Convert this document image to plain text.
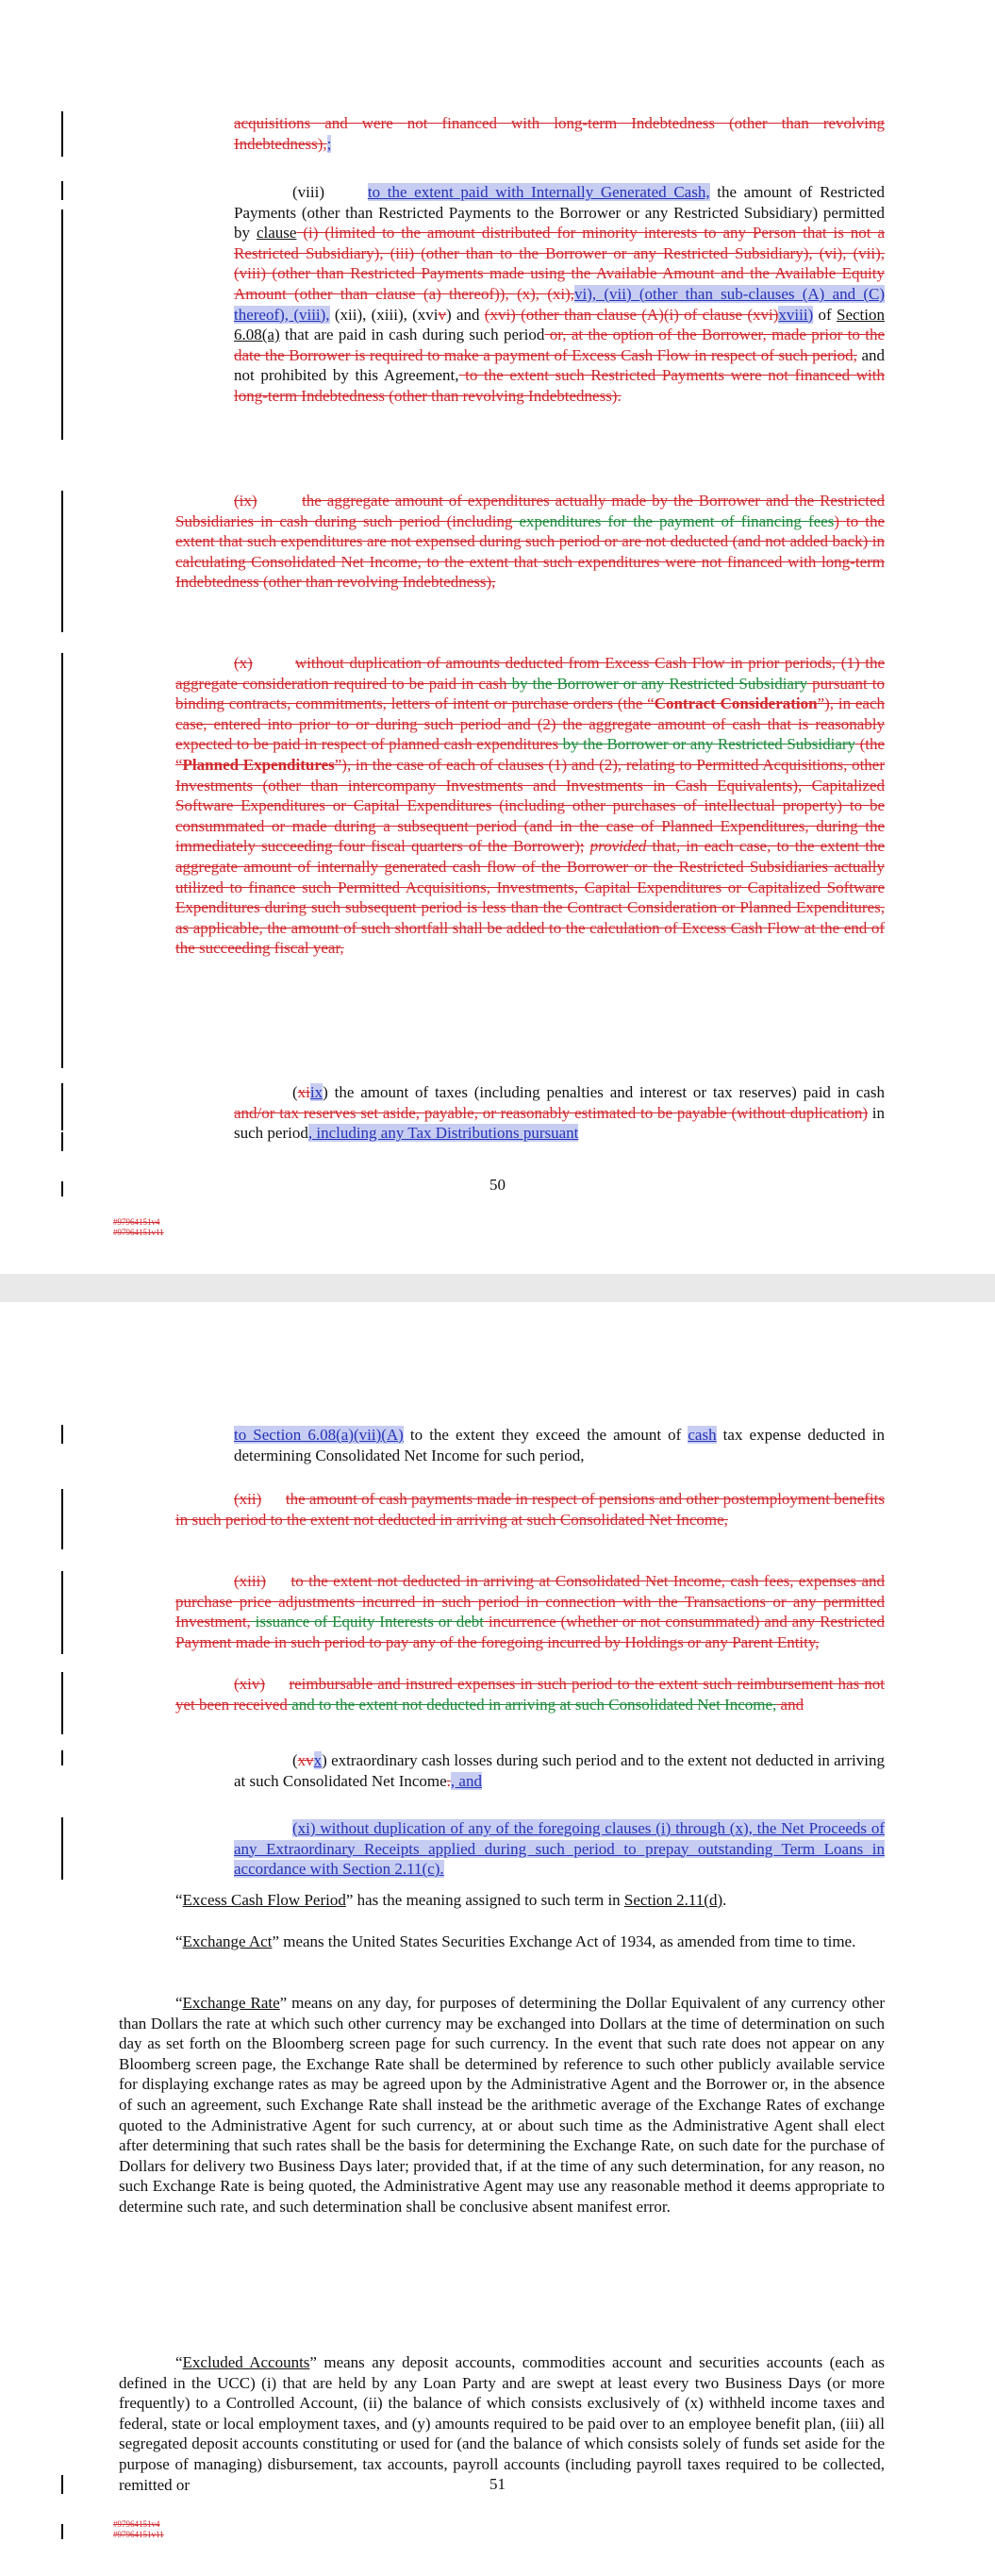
acquisitions and were not financed with long-term Indebtedness (other than revolving Indebtedness),;

(viii)	to the extent paid with Internally Generated Cash, the amount of Restricted Payments (other than Restricted Payments to the Borrower or any Restricted Subsidiary) permitted by clause (i) (limited to the amount distributed for minority interests to any Person that is not a Restricted Subsidiary), (iii) (other than to the Borrower or any Restricted Subsidiary), (vi), (vii), (viii) (other than Restricted Payments made using the Available Amount and the Available Equity Amount (other than clause (a) thereof)), (x), (xi),vi), (vii) (other than sub-clauses (A) and (C) thereof), (viii), (xii), (xiii), (xviv) and (xvi) (other than clause (A)(i) of clause (xvi)xviii) of Section 6.08(a) that are paid in cash during such period or, at the option of the Borrower, made prior to the date the Borrower is required to make a payment of Excess Cash Flow in respect of such period, and not prohibited by this Agreement, to the extent such Restricted Payments were not financed with long-term Indebtedness (other than revolving Indebtedness).

(ix)	the aggregate amount of expenditures actually made by the Borrower and the Restricted Subsidiaries in cash during such period (including expenditures for the payment of financing fees) to the extent that such expenditures are not expensed during such period or are not deducted (and not added back) in calculating Consolidated Net Income, to the extent that such expenditures were not financed with long-term Indebtedness (other than revolving Indebtedness),

(x)	without duplication of amounts deducted from Excess Cash Flow in prior periods, (1) the aggregate consideration required to be paid in cash by the Borrower or any Restricted Subsidiary pursuant to binding contracts, commitments, letters of intent or purchase orders (the “Contract Consideration”), in each case, entered into prior to or during such period and (2) the aggregate amount of cash that is reasonably expected to be paid in respect of planned cash expenditures by the Borrower or any Restricted Subsidiary (the “Planned Expenditures”), in the case of each of clauses (1) and (2), relating to Permitted Acquisitions, other Investments (other than intercompany Investments and Investments in Cash Equivalents), Capitalized Software Expenditures or Capital Expenditures (including other purchases of intellectual property) to be consummated or made during a subsequent period (and in the case of Planned Expenditures, during the immediately succeeding four fiscal quarters of the Borrower); provided that, in each case, to the extent the aggregate amount of internally generated cash flow of the Borrower or the Restricted Subsidiaries actually utilized to finance such Permitted Acquisitions, Investments, Capital Expenditures or Capitalized Software Expenditures during such subsequent period is less than the Contract Consideration or Planned Expenditures, as applicable, the amount of such shortfall shall be added to the calculation of Excess Cash Flow at the end of the succeeding fiscal year,

(xiix) the amount of taxes (including penalties and interest or tax reserves) paid in cash and/or tax reserves set aside, payable, or reasonably estimated to be payable (without duplication) in such period, including any Tax Distributions pursuant

50
#97964151v4
#97964151v11

to Section 6.08(a)(vii)(A) to the extent they exceed the amount of cash tax expense deducted in determining Consolidated Net Income for such period,

(xii) the amount of cash payments made in respect of pensions and other postemployment benefits in such period to the extent not deducted in arriving at such Consolidated Net Income,

(xiii) to the extent not deducted in arriving at Consolidated Net Income, cash fees, expenses and purchase price adjustments incurred in such period in connection with the Transactions or any permitted Investment, issuance of Equity Interests or debt incurrence (whether or not consummated) and any Restricted Payment made in such period to pay any of the foregoing incurred by Holdings or any Parent Entity,

(xiv) reimbursable and insured expenses in such period to the extent such reimbursement has not yet been received and to the extent not deducted in arriving at such Consolidated Net Income, and

(xvx) extraordinary cash losses during such period and to the extent not deducted in arriving at such Consolidated Net Income., and

(xi) without duplication of any of the foregoing clauses (i) through (x), the Net Proceeds of any Extraordinary Receipts applied during such period to prepay outstanding Term Loans in accordance with Section 2.11(c).

“Excess Cash Flow Period” has the meaning assigned to such term in Section 2.11(d).

“Exchange Act” means the United States Securities Exchange Act of 1934, as amended from time to time.

“Exchange Rate” means on any day, for purposes of determining the Dollar Equivalent of any currency other than Dollars the rate at which such other currency may be exchanged into Dollars at the time of determination on such day as set forth on the Bloomberg screen page for such currency. In the event that such rate does not appear on any Bloomberg screen page, the Exchange Rate shall be determined by reference to such other publicly available service for displaying exchange rates as may be agreed upon by the Administrative Agent and the Borrower or, in the absence of such an agreement, such Exchange Rate shall instead be the arithmetic average of the Exchange Rates of exchange quoted to the Administrative Agent for such currency, at or about such time as the Administrative Agent shall elect after determining that such rates shall be the basis for determining the Exchange Rate, on such date for the purchase of Dollars for delivery two Business Days later; provided that, if at the time of any such determination, for any reason, no such Exchange Rate is being quoted, the Administrative Agent may use any reasonable method it deems appropriate to determine such rate, and such determination shall be conclusive absent manifest error.

“Excluded Accounts” means any deposit accounts, commodities account and securities accounts (each as defined in the UCC) (i) that are held by any Loan Party and are swept at least every two Business Days (or more frequently) to a Controlled Account, (ii) the balance of which consists exclusively of (x) withheld income taxes and federal, state or local employment taxes, and (y) amounts required to be paid over to an employee benefit plan, (iii) all segregated deposit accounts constituting or used for (and the balance of which consists solely of funds set aside for the purpose of managing) disbursement, tax accounts, payroll accounts (including payroll taxes required to be collected, remitted or	51
#97964151v4
#97964151v11
